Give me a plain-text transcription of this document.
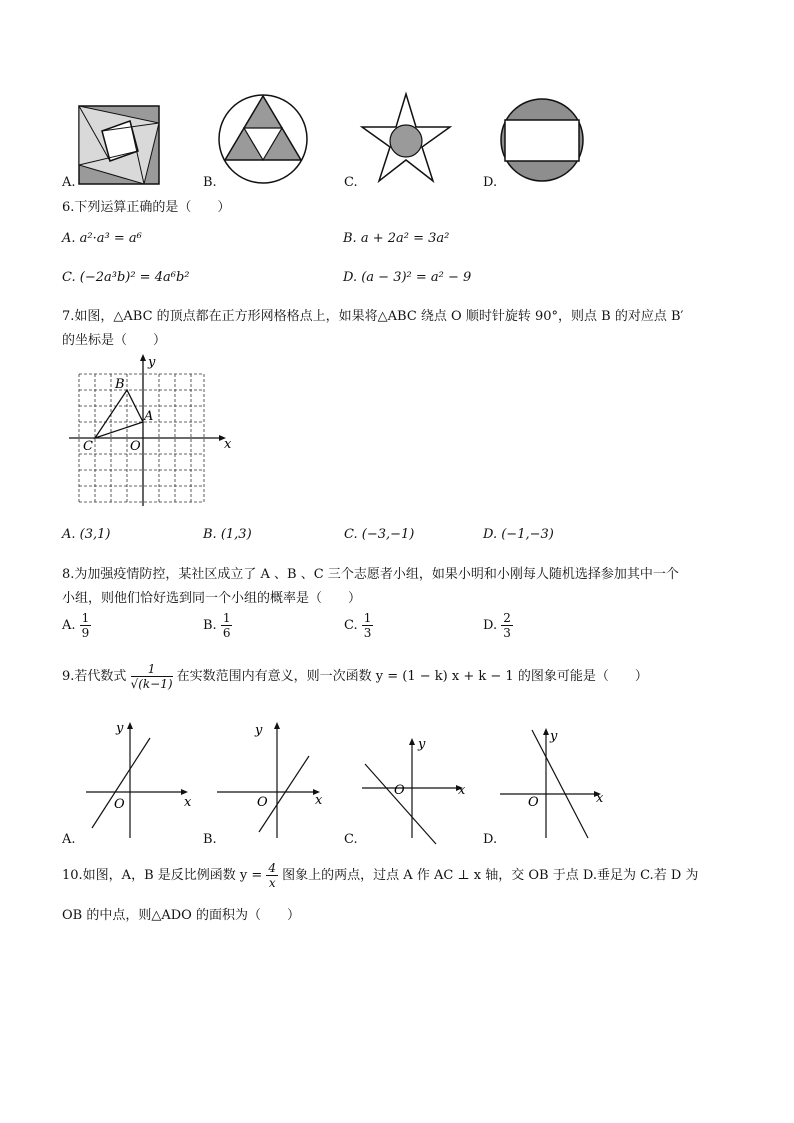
A.	B.	C.	D.
6.下列运算正确的是（　　）
A. a²·a³ = a⁶	B. a + 2a² = 3a²
C. (−2a³b)² = 4a⁶b²	D. (a − 3)² = a² − 9
7.如图，△ABC 的顶点都在正方形网格格点上，如果将△ABC 绕点 O 顺时针旋转 90°，则点 B 的对应点 B′
的坐标是（　　）
x
y
O
A
B
C
A. (3,1)	B. (1,3)	C. (−3,−1)	D. (−1,−3)
8.为加强疫情防控，某社区成立了 A 、B 、C 三个志愿者小组，如果小明和小刚每人随机选择参加其中一个
小组，则他们恰好选到同一个小组的概率是（　　）
A. $\frac{1}{9}$	B. $\frac{1}{6}$	C. $\frac{1}{3}$	D. $\frac{2}{3}$
9.若代数式 $\frac{1}{√(k-1)}$ 在实数范围内有意义，则一次函数 y = (1 − k) x + k − 1 的图象可能是（　　）
x
y
O
A.
x
y
O
B.
x
y
O
C.
x
y
O
D.
10.如图，A，B 是反比例函数 $y = \frac{4}{x}$ 图象上的两点，过点 A 作 AC ⊥ x 轴，交 OB 于点 D.垂足为 C.若 D 为
OB 的中点，则△ADO 的面积为（　　）
